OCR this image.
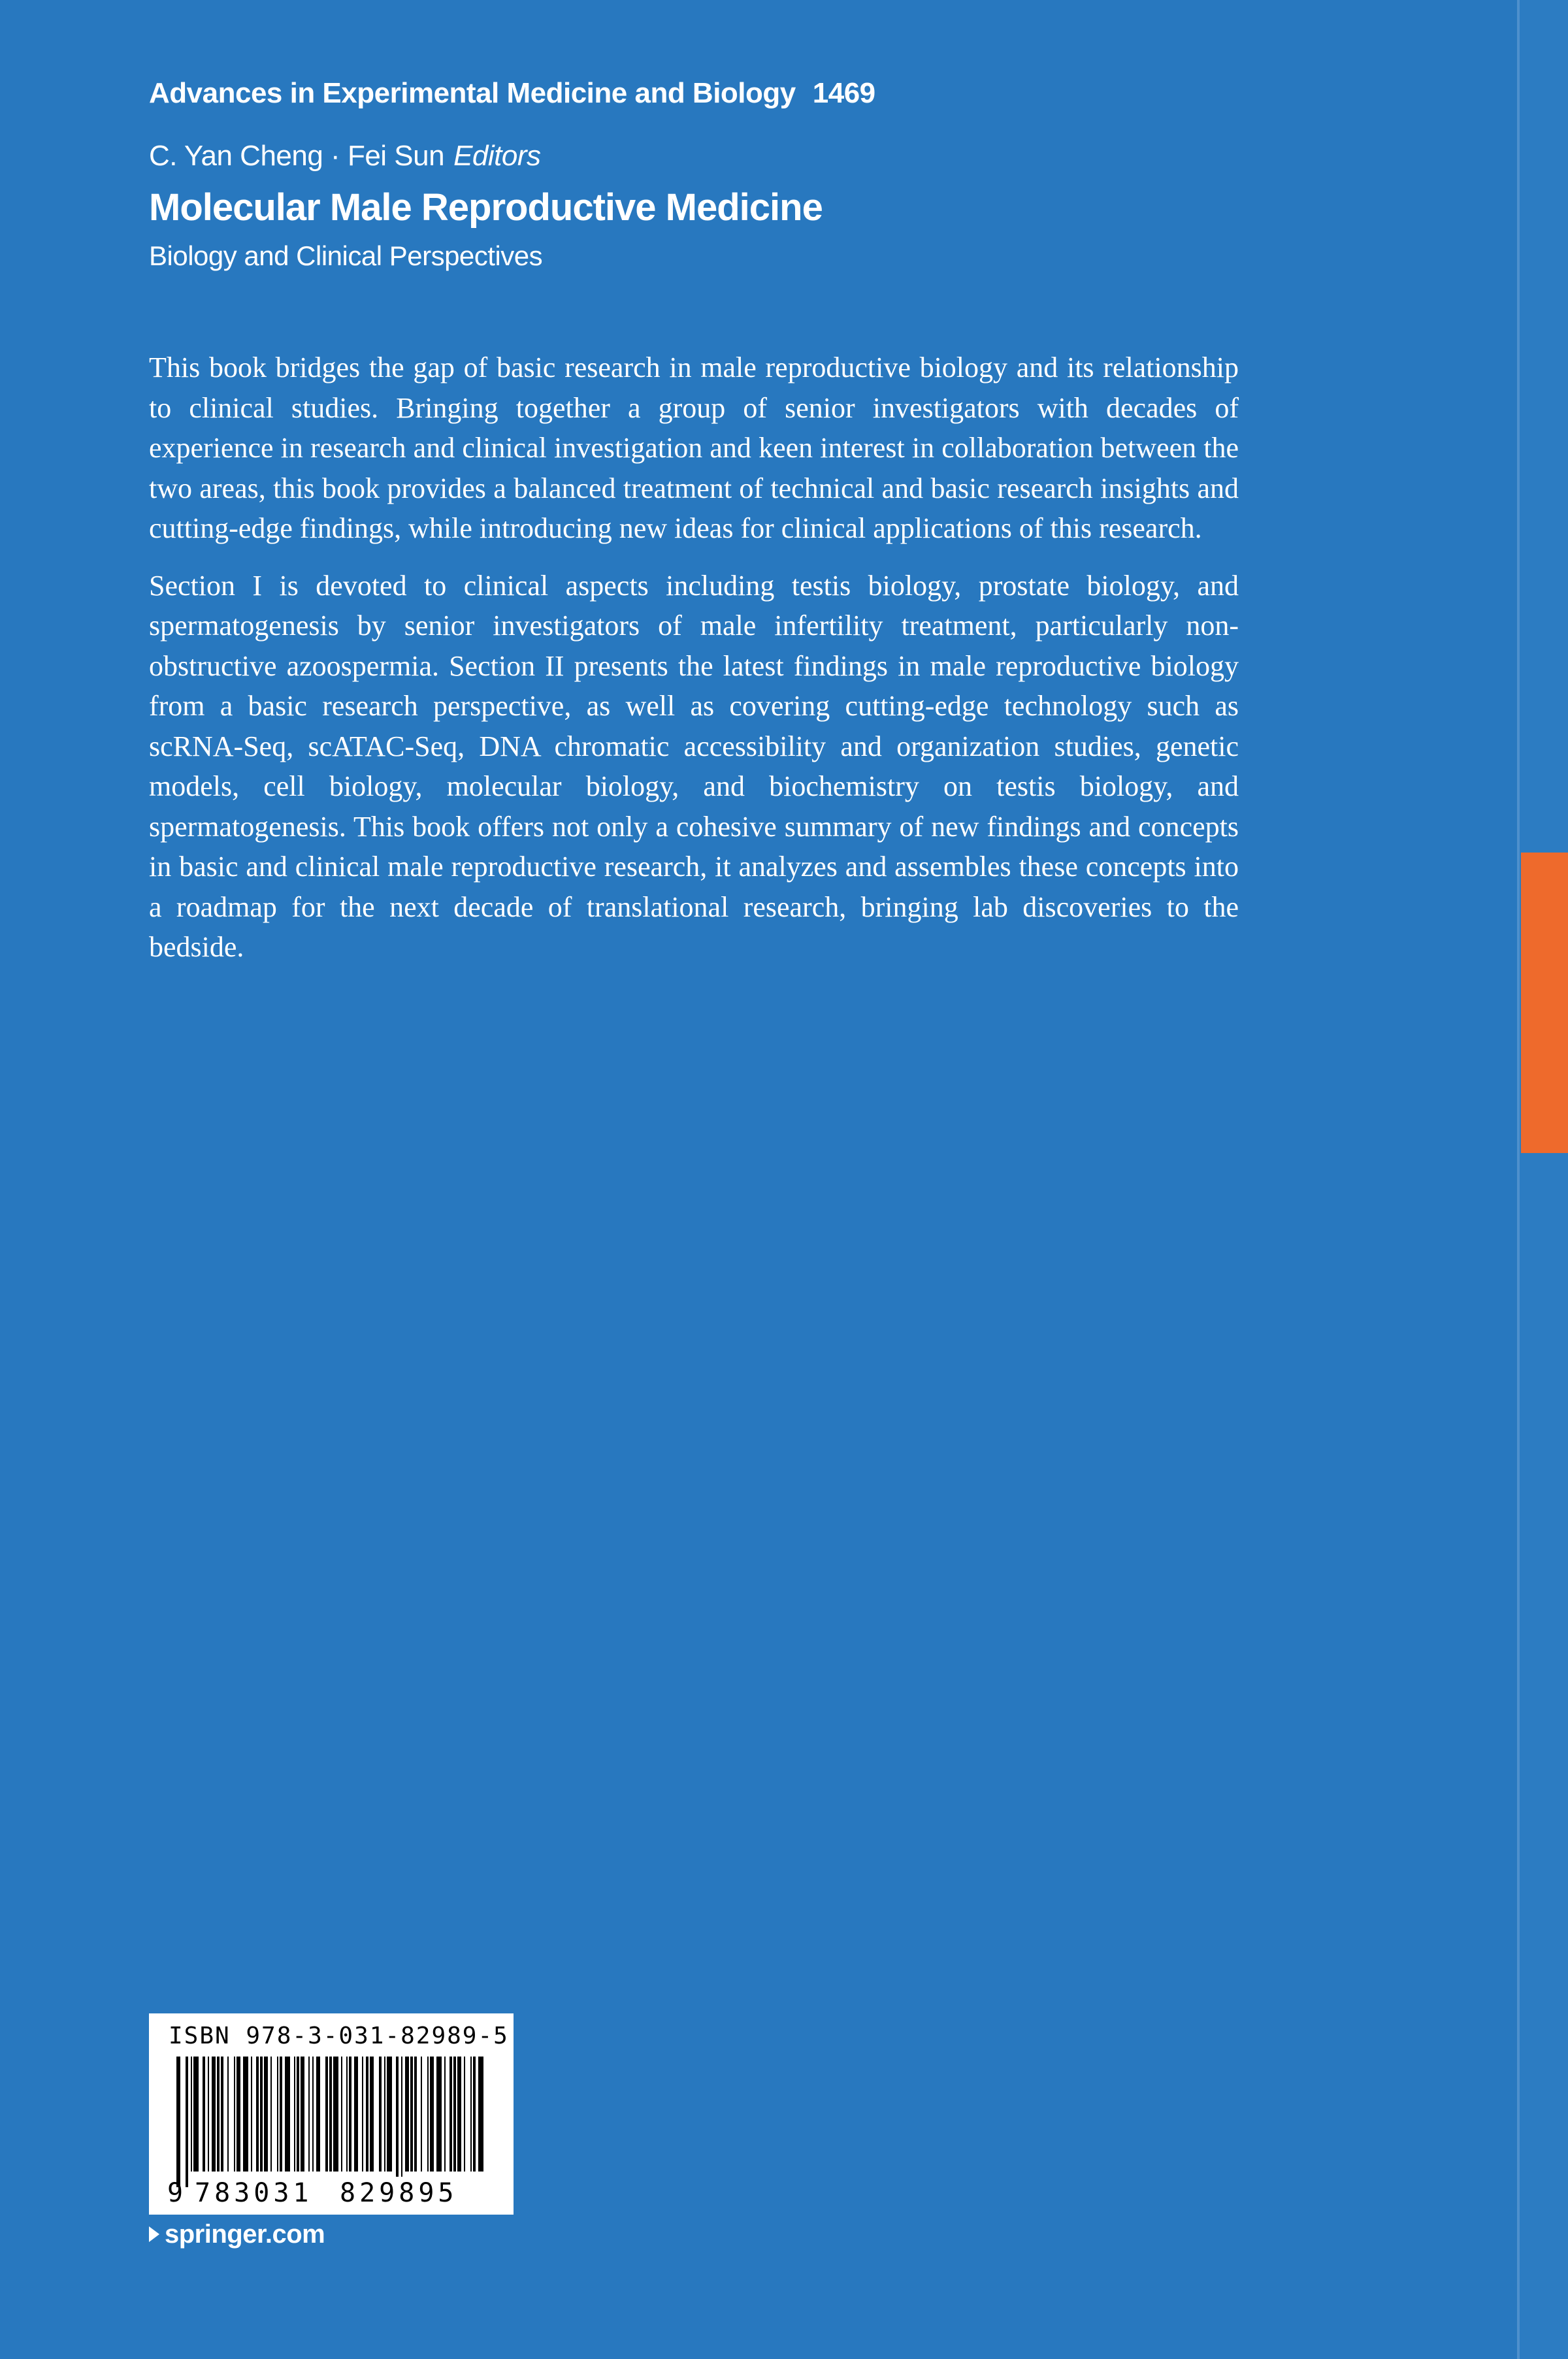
Advances in Experimental Medicine and Biology 1469
C. Yan Cheng · Fei Sun Editors
Molecular Male Reproductive Medicine
Biology and Clinical Perspectives

This book bridges the gap of basic research in male reproductive biology and its relationship to clinical studies. Bringing together a group of senior investigators with decades of experience in research and clinical investigation and keen interest in collaboration between the two areas, this book provides a balanced treatment of technical and basic research insights and cutting-edge findings, while introducing new ideas for clinical applications of this research.

Section I is devoted to clinical aspects including testis biology, prostate biology, and spermatogenesis by senior investigators of male infertility treatment, particularly non-obstructive azoospermia. Section II presents the latest findings in male reproductive biology from a basic research perspective, as well as covering cutting-edge technology such as scRNA-Seq, scATAC-Seq, DNA chromatic accessibility and organization studies, genetic models, cell biology, molecular biology, and biochemistry on testis biology, and spermatogenesis. This book offers not only a cohesive summary of new findings and concepts in basic and clinical male reproductive research, it analyzes and assembles these concepts into a roadmap for the next decade of translational research, bringing lab discoveries to the bedside.

ISBN 978-3-031-82989-5
9 783031 829895
springer.com
